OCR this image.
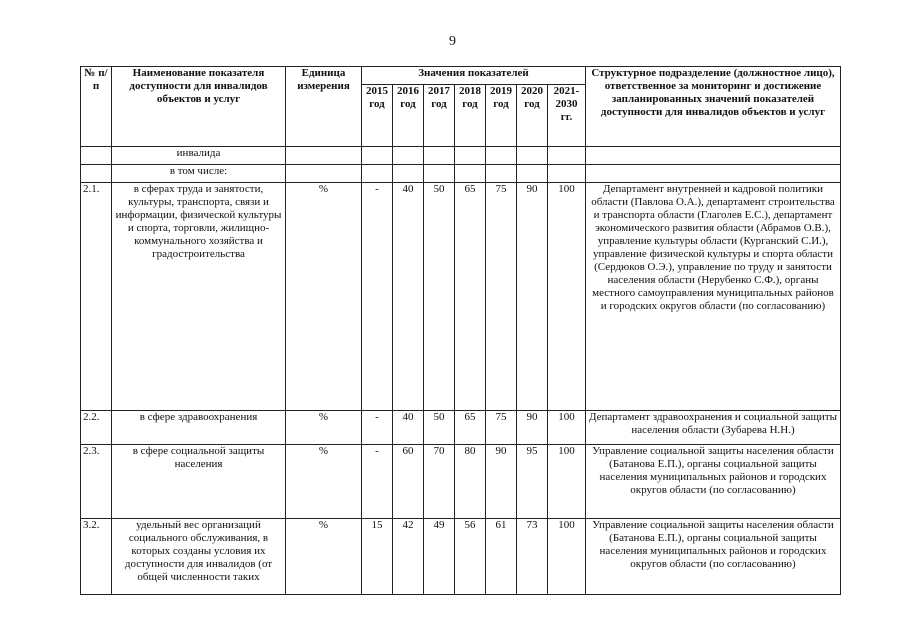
9
№ п/п	Наименование показателя доступности для инвалидов объектов и услуг	Единица измерения	Значения показателей							Структурное подразделение (должностное лицо), ответственное за мониторинг и достижение запланированных значений показателей доступности для инвалидов объектов и услуг
			2015 год	2016 год	2017 год	2018 год	2019 год	2020 год	2021-2030 гг.	
	инвалида									
	в том числе:									
2.1.	в сферах труда и занятости, культуры, транспорта, связи и информации, физической культуры и спорта, торговли, жилищно-коммунального хозяйства и градостроительства	%	-	40	50	65	75	90	100	Департамент внутренней и кадровой политики области (Павлова О.А.), департамент строительства и транспорта области (Глаголев Е.С.), департамент экономического развития области (Абрамов О.В.), управление культуры области (Курганский С.И.), управление физической культуры и спорта области (Сердюков О.Э.), управление по труду и занятости населения области (Нерубенко С.Ф.), органы местного самоуправления муниципальных районов и городских округов области (по согласованию)
2.2.	в сфере здравоохранения	%	-	40	50	65	75	90	100	Департамент здравоохранения и социальной защиты населения области (Зубарева Н.Н.)
2.3.	в сфере социальной защиты населения	%	-	60	70	80	90	95	100	Управление социальной защиты населения области (Батанова Е.П.), органы социальной защиты населения муниципальных районов и городских округов области (по согласованию)
3.2.	удельный вес организаций социального обслуживания, в которых созданы условия их доступности для инвалидов (от общей численности таких	%	15	42	49	56	61	73	100	Управление социальной защиты населения области (Батанова Е.П.), органы социальной защиты населения муниципальных районов и городских округов области (по согласованию)
